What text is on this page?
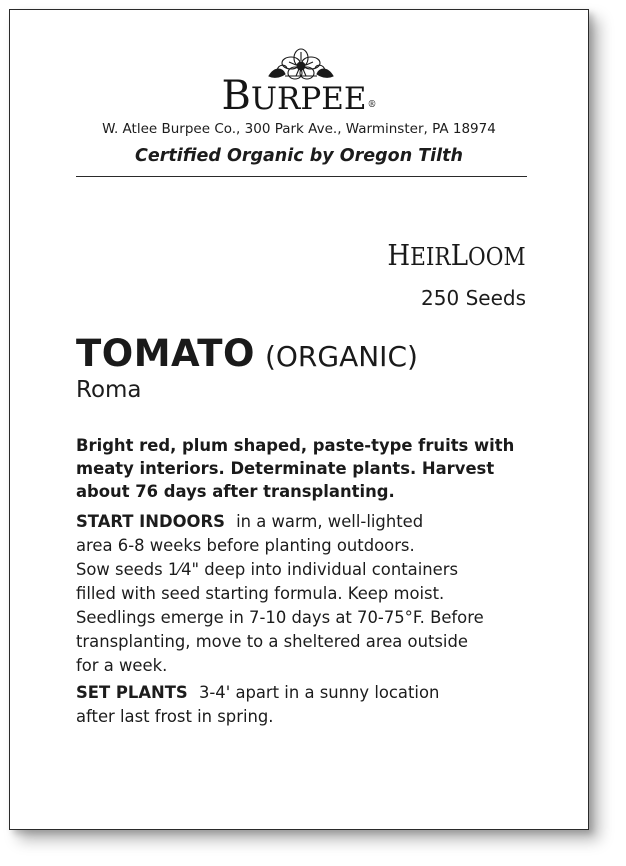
BURPEE®
W. Atlee Burpee Co., 300 Park Ave., Warminster, PA 18974
Certified Organic by Oregon Tilth
HEIRLOOM
250 Seeds
TOMATO (ORGANIC)
Roma
Bright red, plum shaped, paste-type fruits with
meaty interiors. Determinate plants. Harvest
about 76 days after transplanting.
START INDOORS in a warm, well-lighted
area 6-8 weeks before planting outdoors.
Sow seeds 1⁄4" deep into individual containers
filled with seed starting formula. Keep moist.
Seedlings emerge in 7-10 days at 70-75°F. Before
transplanting, move to a sheltered area outside
for a week.
SET PLANTS 3-4' apart in a sunny location
after last frost in spring.
